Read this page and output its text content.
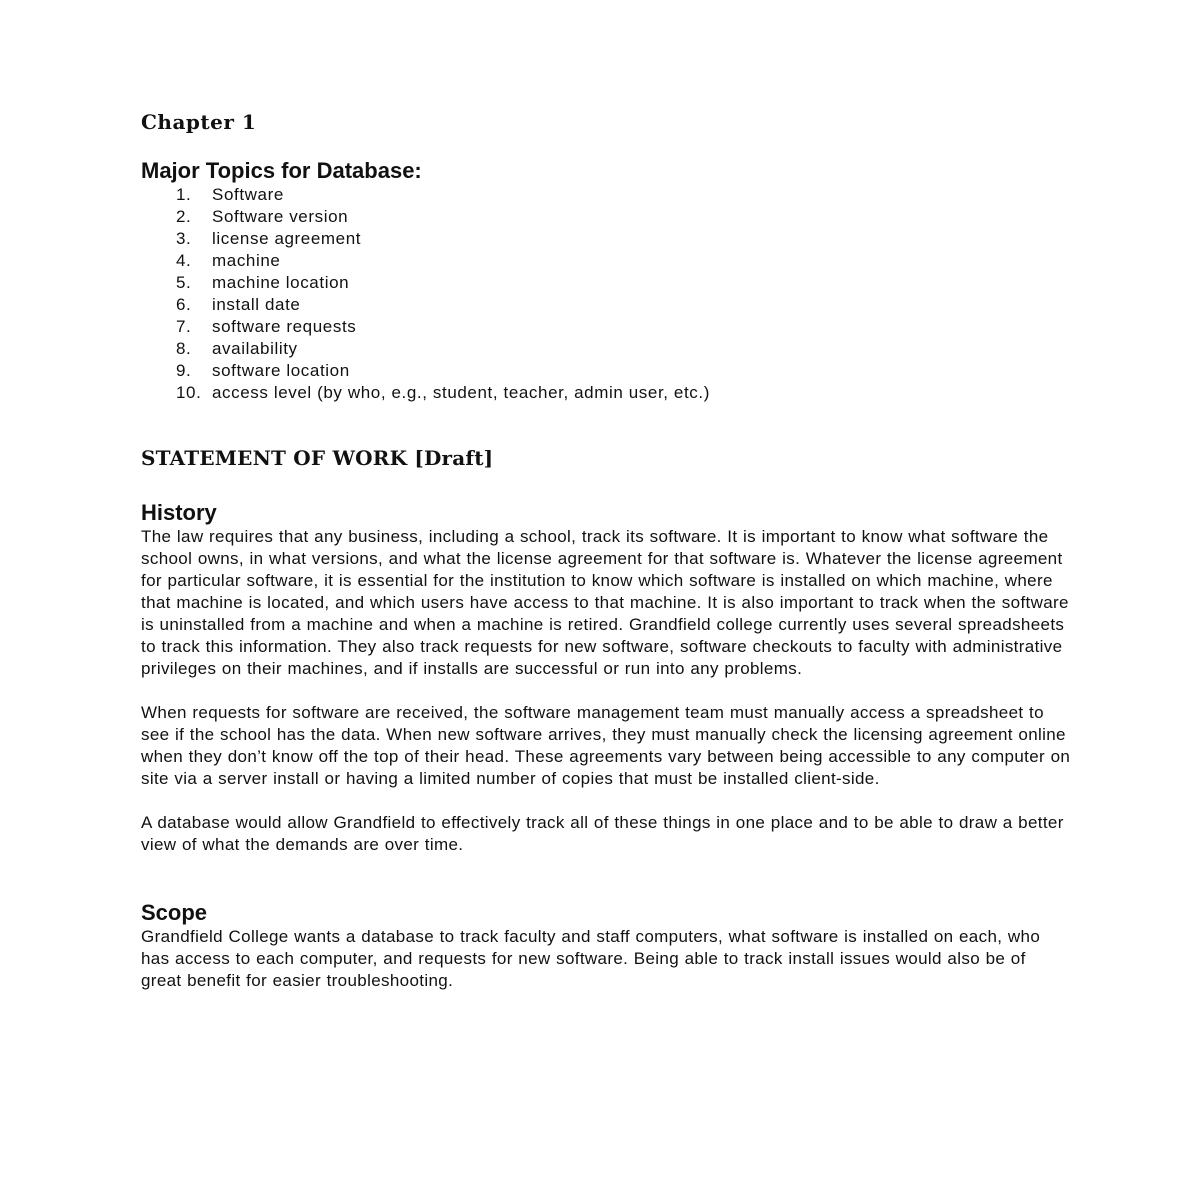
Chapter 1
Major Topics for Database:
1.	Software
2.	Software version
3.	license agreement
4.	machine
5.	machine location
6.	install date
7.	software requests
8.	availability
9.	software location
10. access level (by who, e.g., student, teacher, admin user, etc.)
STATEMENT OF WORK [Draft]
History

The law requires that any business, including a school, track its software. It is important to know what software the school owns, in what versions, and what the license agreement for that software is. Whatever the license agreement for particular software, it is essential for the institution to know which software is installed on which machine, where that machine is located, and which users have access to that machine. It is also important to track when the software is uninstalled from a machine and when a machine is retired. Grandfield college currently uses several spreadsheets to track this information. They also track requests for new software, software checkouts to faculty with administrative privileges on their machines, and if installs are successful or run into any problems.

When requests for software are received, the software management team must manually access a spreadsheet to see if the school has the data. When new software arrives, they must manually check the licensing agreement online when they don’t know off the top of their head. These agreements vary between being accessible to any computer on site via a server install or having a limited number of copies that must be installed client-side.

A database would allow Grandfield to effectively track all of these things in one place and to be able to draw a better view of what the demands are over time.

Scope

Grandfield College wants a database to track faculty and staff computers, what software is installed on each, who has access to each computer, and requests for new software. Being able to track install issues would also be of great benefit for easier troubleshooting.
